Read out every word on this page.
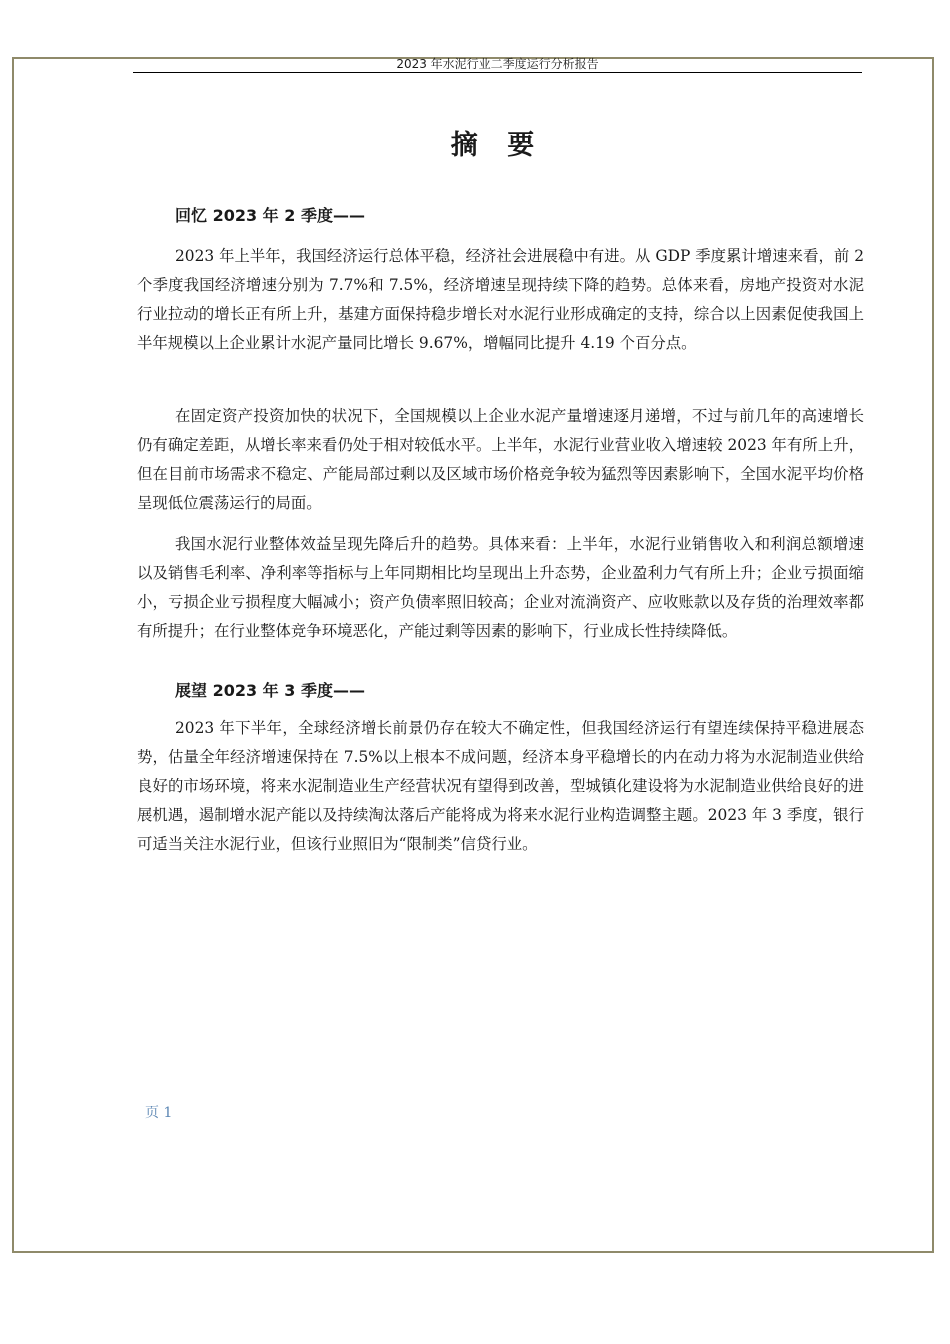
2023 年水泥行业二季度运行分析报告
摘 要
回忆 2023 年 2 季度——

2023 年上半年，我国经济运行总体平稳，经济社会进展稳中有进。从 GDP 季度累计增速来看，前 2 个季度我国经济增速分别为 7.7%和 7.5%，经济增速呈现持续下降的趋势。总体来看，房地产投资对水泥行业拉动的增长正有所上升，基建方面保持稳步增长对水泥行业形成确定的支持，综合以上因素促使我国上半年规模以上企业累计水泥产量同比增长 9.67%，增幅同比提升 4.19 个百分点。

在固定资产投资加快的状况下，全国规模以上企业水泥产量增速逐月递增，不过与前几年的高速增长仍有确定差距，从增长率来看仍处于相对较低水平。上半年，水泥行业营业收入增速较 2023 年有所上升，但在目前市场需求不稳定、产能局部过剩以及区域市场价格竞争较为猛烈等因素影响下，全国水泥平均价格呈现低位震荡运行的局面。

我国水泥行业整体效益呈现先降后升的趋势。具体来看：上半年，水泥行业销售收入和利润总额增速以及销售毛利率、净利率等指标与上年同期相比均呈现出上升态势，企业盈利力气有所上升；企业亏损面缩小，亏损企业亏损程度大幅减小；资产负债率照旧较高；企业对流淌资产、应收账款以及存货的治理效率都有所提升；在行业整体竞争环境恶化，产能过剩等因素的影响下，行业成长性持续降低。

展望 2023 年 3 季度——

2023 年下半年，全球经济增长前景仍存在较大不确定性，但我国经济运行有望连续保持平稳进展态势，估量全年经济增速保持在 7.5%以上根本不成问题，经济本身平稳增长的内在动力将为水泥制造业供给良好的市场环境，将来水泥制造业生产经营状况有望得到改善，型城镇化建设将为水泥制造业供给良好的进展机遇，遏制增水泥产能以及持续淘汰落后产能将成为将来水泥行业构造调整主题。2023 年 3 季度，银行可适当关注水泥行业，但该行业照旧为“限制类”信贷行业。

页 1
